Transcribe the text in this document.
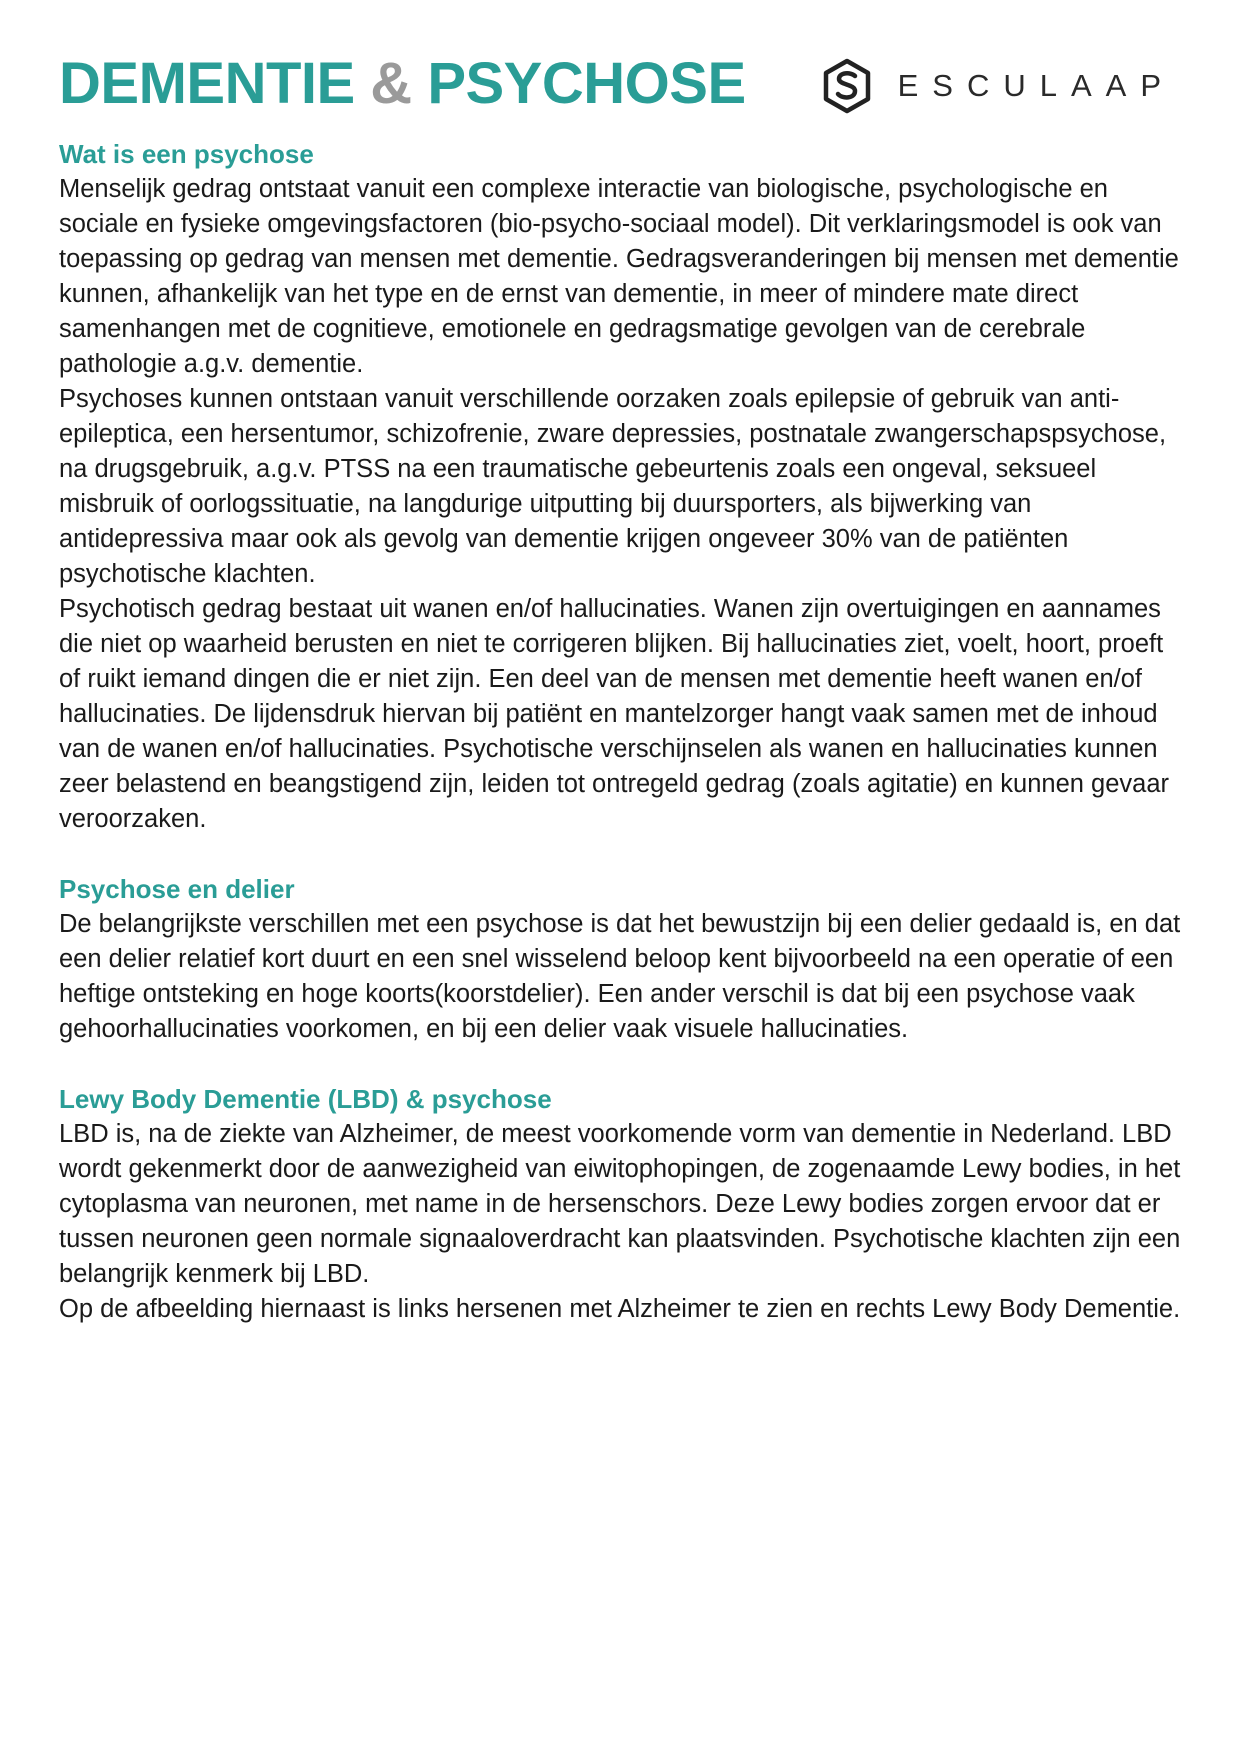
DEMENTIE & PSYCHOSE	ESCULAAP
Wat is een psychose

Menselijk gedrag ontstaat vanuit een complexe interactie van biologische, psychologische en sociale en fysieke omgevingsfactoren (bio-psycho-sociaal model). Dit verklaringsmodel is ook van toepassing op gedrag van mensen met dementie. Gedragsveranderingen bij mensen met dementie kunnen, afhankelijk van het type en de ernst van dementie, in meer of mindere mate direct samenhangen met de cognitieve, emotionele en gedragsmatige gevolgen van de cerebrale pathologie a.g.v. dementie.

Psychoses kunnen ontstaan vanuit verschillende oorzaken zoals epilepsie of gebruik van anti-epileptica, een hersentumor, schizofrenie, zware depressies, postnatale zwangerschapspsychose, na drugsgebruik, a.g.v. PTSS na een traumatische gebeurtenis zoals een ongeval, seksueel misbruik of oorlogssituatie, na langdurige uitputting bij duursporters, als bijwerking van antidepressiva maar ook als gevolg van dementie krijgen ongeveer 30% van de patiënten psychotische klachten.

Psychotisch gedrag bestaat uit wanen en/of hallucinaties. Wanen zijn overtuigingen en aannames die niet op waarheid berusten en niet te corrigeren blijken. Bij hallucinaties ziet, voelt, hoort, proeft of ruikt iemand dingen die er niet zijn. Een deel van de mensen met dementie heeft wanen en/of hallucinaties. De lijdensdruk hiervan bij patiënt en mantelzorger hangt vaak samen met de inhoud van de wanen en/of hallucinaties. Psychotische verschijnselen als wanen en hallucinaties kunnen zeer belastend en beangstigend zijn, leiden tot ontregeld gedrag (zoals agitatie) en kunnen gevaar veroorzaken.

Psychose en delier

De belangrijkste verschillen met een psychose is dat het bewustzijn bij een delier gedaald is, en dat een delier relatief kort duurt en een snel wisselend beloop kent bijvoorbeeld na een operatie of een heftige ontsteking en hoge koorts(koorstdelier). Een ander verschil is dat bij een psychose vaak gehoorhallucinaties voorkomen, en bij een delier vaak visuele hallucinaties.

Lewy Body Dementie (LBD) & psychose

LBD is, na de ziekte van Alzheimer, de meest voorkomende vorm van dementie in Nederland. LBD wordt gekenmerkt door de aanwezigheid van eiwitophopingen, de zogenaamde Lewy bodies, in het cytoplasma van neuronen, met name in de hersenschors. Deze Lewy bodies zorgen ervoor dat er tussen neuronen geen normale signaaloverdracht kan plaatsvinden. Psychotische klachten zijn een belangrijk kenmerk bij LBD.

Op de afbeelding hiernaast is links hersenen met Alzheimer te zien en rechts Lewy Body Dementie.
